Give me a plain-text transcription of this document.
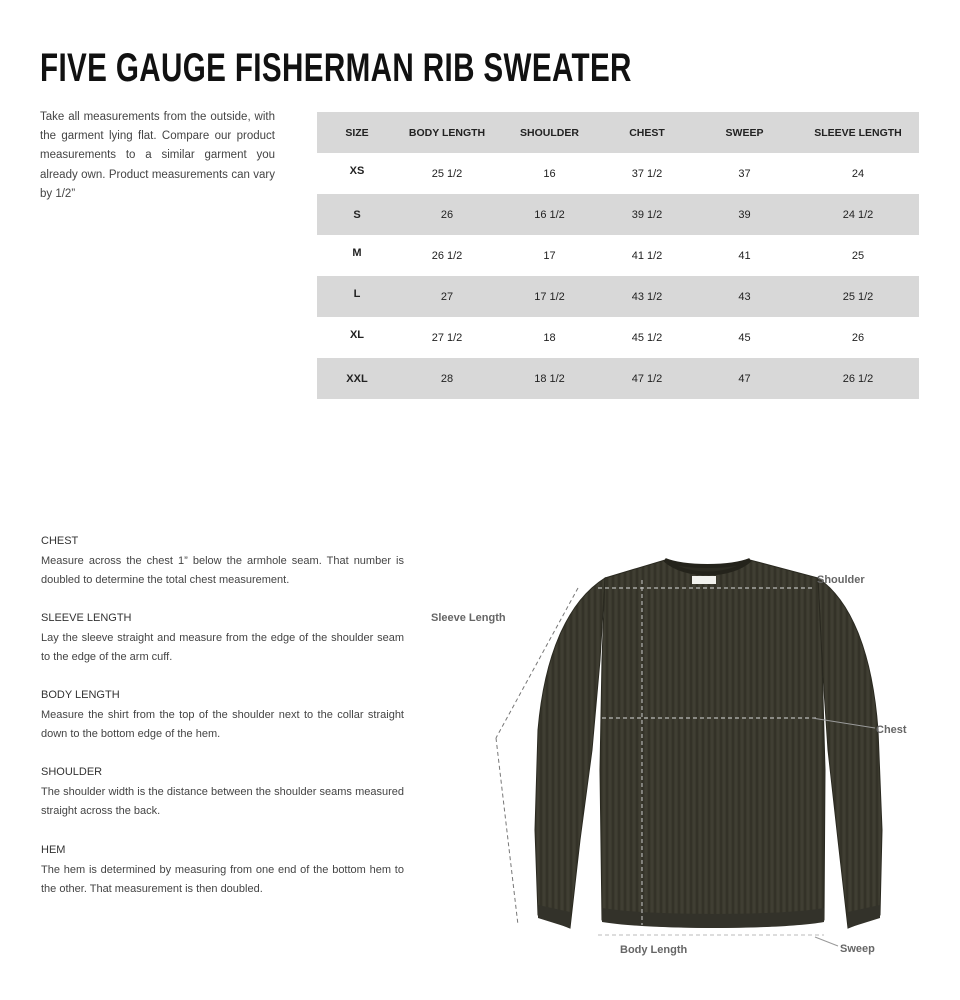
FIVE GAUGE FISHERMAN RIB SWEATER

Take all measurements from the outside, with the garment lying flat. Compare our product measurements to a similar garment you already own. Product measurements can vary by 1/2”

SIZE	BODY LENGTH	SHOULDER	CHEST	SWEEP	SLEEVE LENGTH
XS	25 1/2	16	37 1/2	37	24
S	26	16 1/2	39 1/2	39	24 1/2
M	26 1/2	17	41 1/2	41	25
L	27	17 1/2	43 1/2	43	25 1/2
XL	27 1/2	18	45 1/2	45	26
XXL	28	18 1/2	47 1/2	47	26 1/2
CHEST

Measure across the chest 1” below the armhole seam. That number is doubled to determine the total chest measurement.

SLEEVE LENGTH

Lay the sleeve straight and measure from the edge of the shoulder seam to the edge of the arm cuff.

BODY LENGTH

Measure the shirt from the top of the shoulder next to the collar straight down to the bottom edge of the hem.

SHOULDER

The shoulder width is the distance between the shoulder seams measured straight across the back.

HEM

The hem is determined by measuring from one end of the bottom hem to the other. That measurement is then doubled.

Sleeve Length
Shoulder
Chest
Body Length	Sweep
